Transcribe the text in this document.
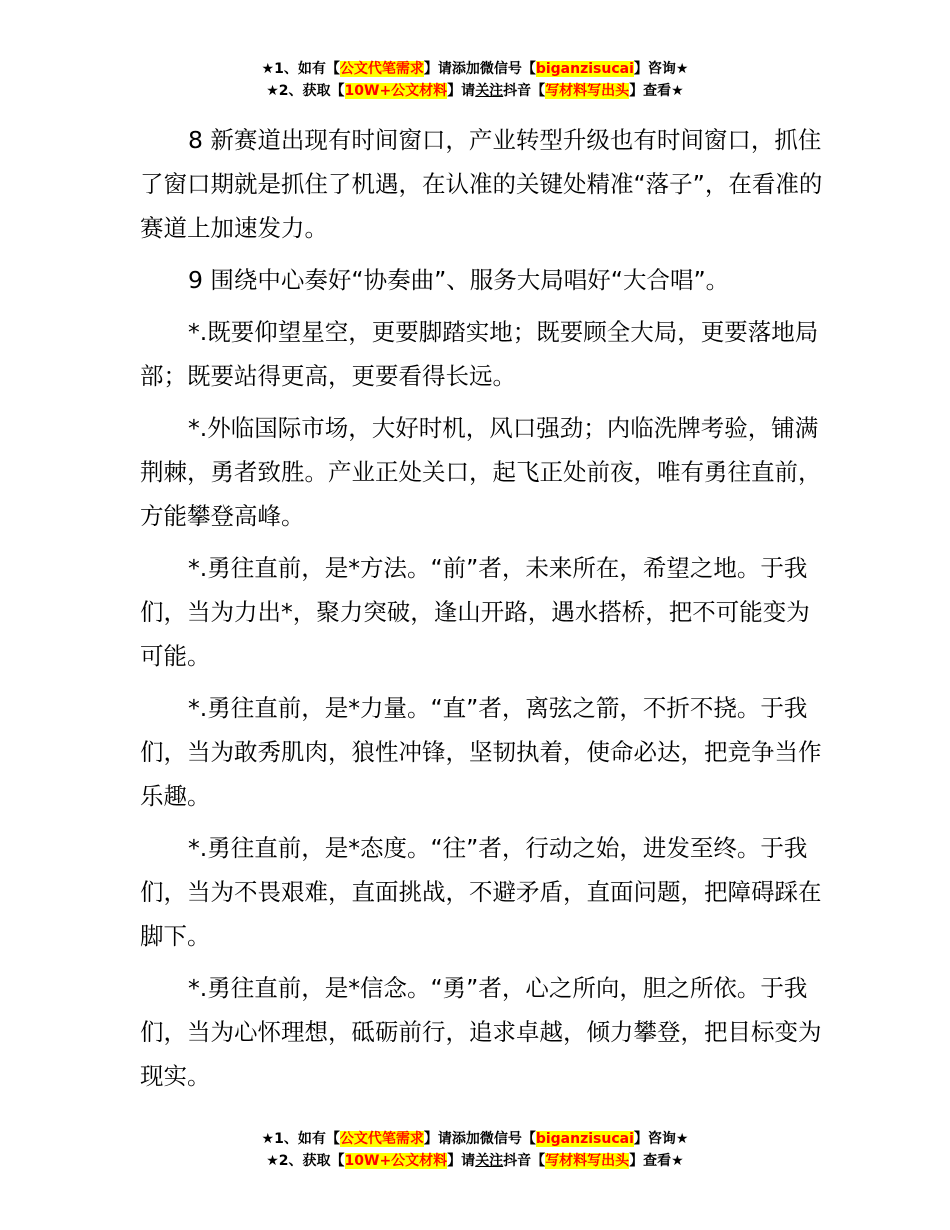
★1、如有【公文代笔需求】请添加微信号【biganzisucai】咨询★
★2、获取【10W+公文材料】请关注抖音【写材料写出头】查看★

8 新赛道出现有时间窗口，产业转型升级也有时间窗口，抓住了窗口期就是抓住了机遇，在认准的关键处精准“落子”，在看准的赛道上加速发力。

9 围绕中心奏好“协奏曲”、服务大局唱好“大合唱”。

*.既要仰望星空，更要脚踏实地；既要顾全大局，更要落地局部；既要站得更高，更要看得长远。

*.外临国际市场，大好时机，风口强劲；内临洗牌考验，铺满荆棘，勇者致胜。产业正处关口，起飞正处前夜，唯有勇往直前，方能攀登高峰。

*.勇往直前，是*方法。“前”者，未来所在，希望之地。于我们，当为力出*，聚力突破，逢山开路，遇水搭桥，把不可能变为可能。

*.勇往直前，是*力量。“直”者，离弦之箭，不折不挠。于我们，当为敢秀肌肉，狼性冲锋，坚韧执着，使命必达，把竞争当作乐趣。

*.勇往直前，是*态度。“往”者，行动之始，进发至终。于我们，当为不畏艰难，直面挑战，不避矛盾，直面问题，把障碍踩在脚下。

*.勇往直前，是*信念。“勇”者，心之所向，胆之所依。于我们，当为心怀理想，砥砺前行，追求卓越，倾力攀登，把目标变为现实。

★1、如有【公文代笔需求】请添加微信号【biganzisucai】咨询★
★2、获取【10W+公文材料】请关注抖音【写材料写出头】查看★
